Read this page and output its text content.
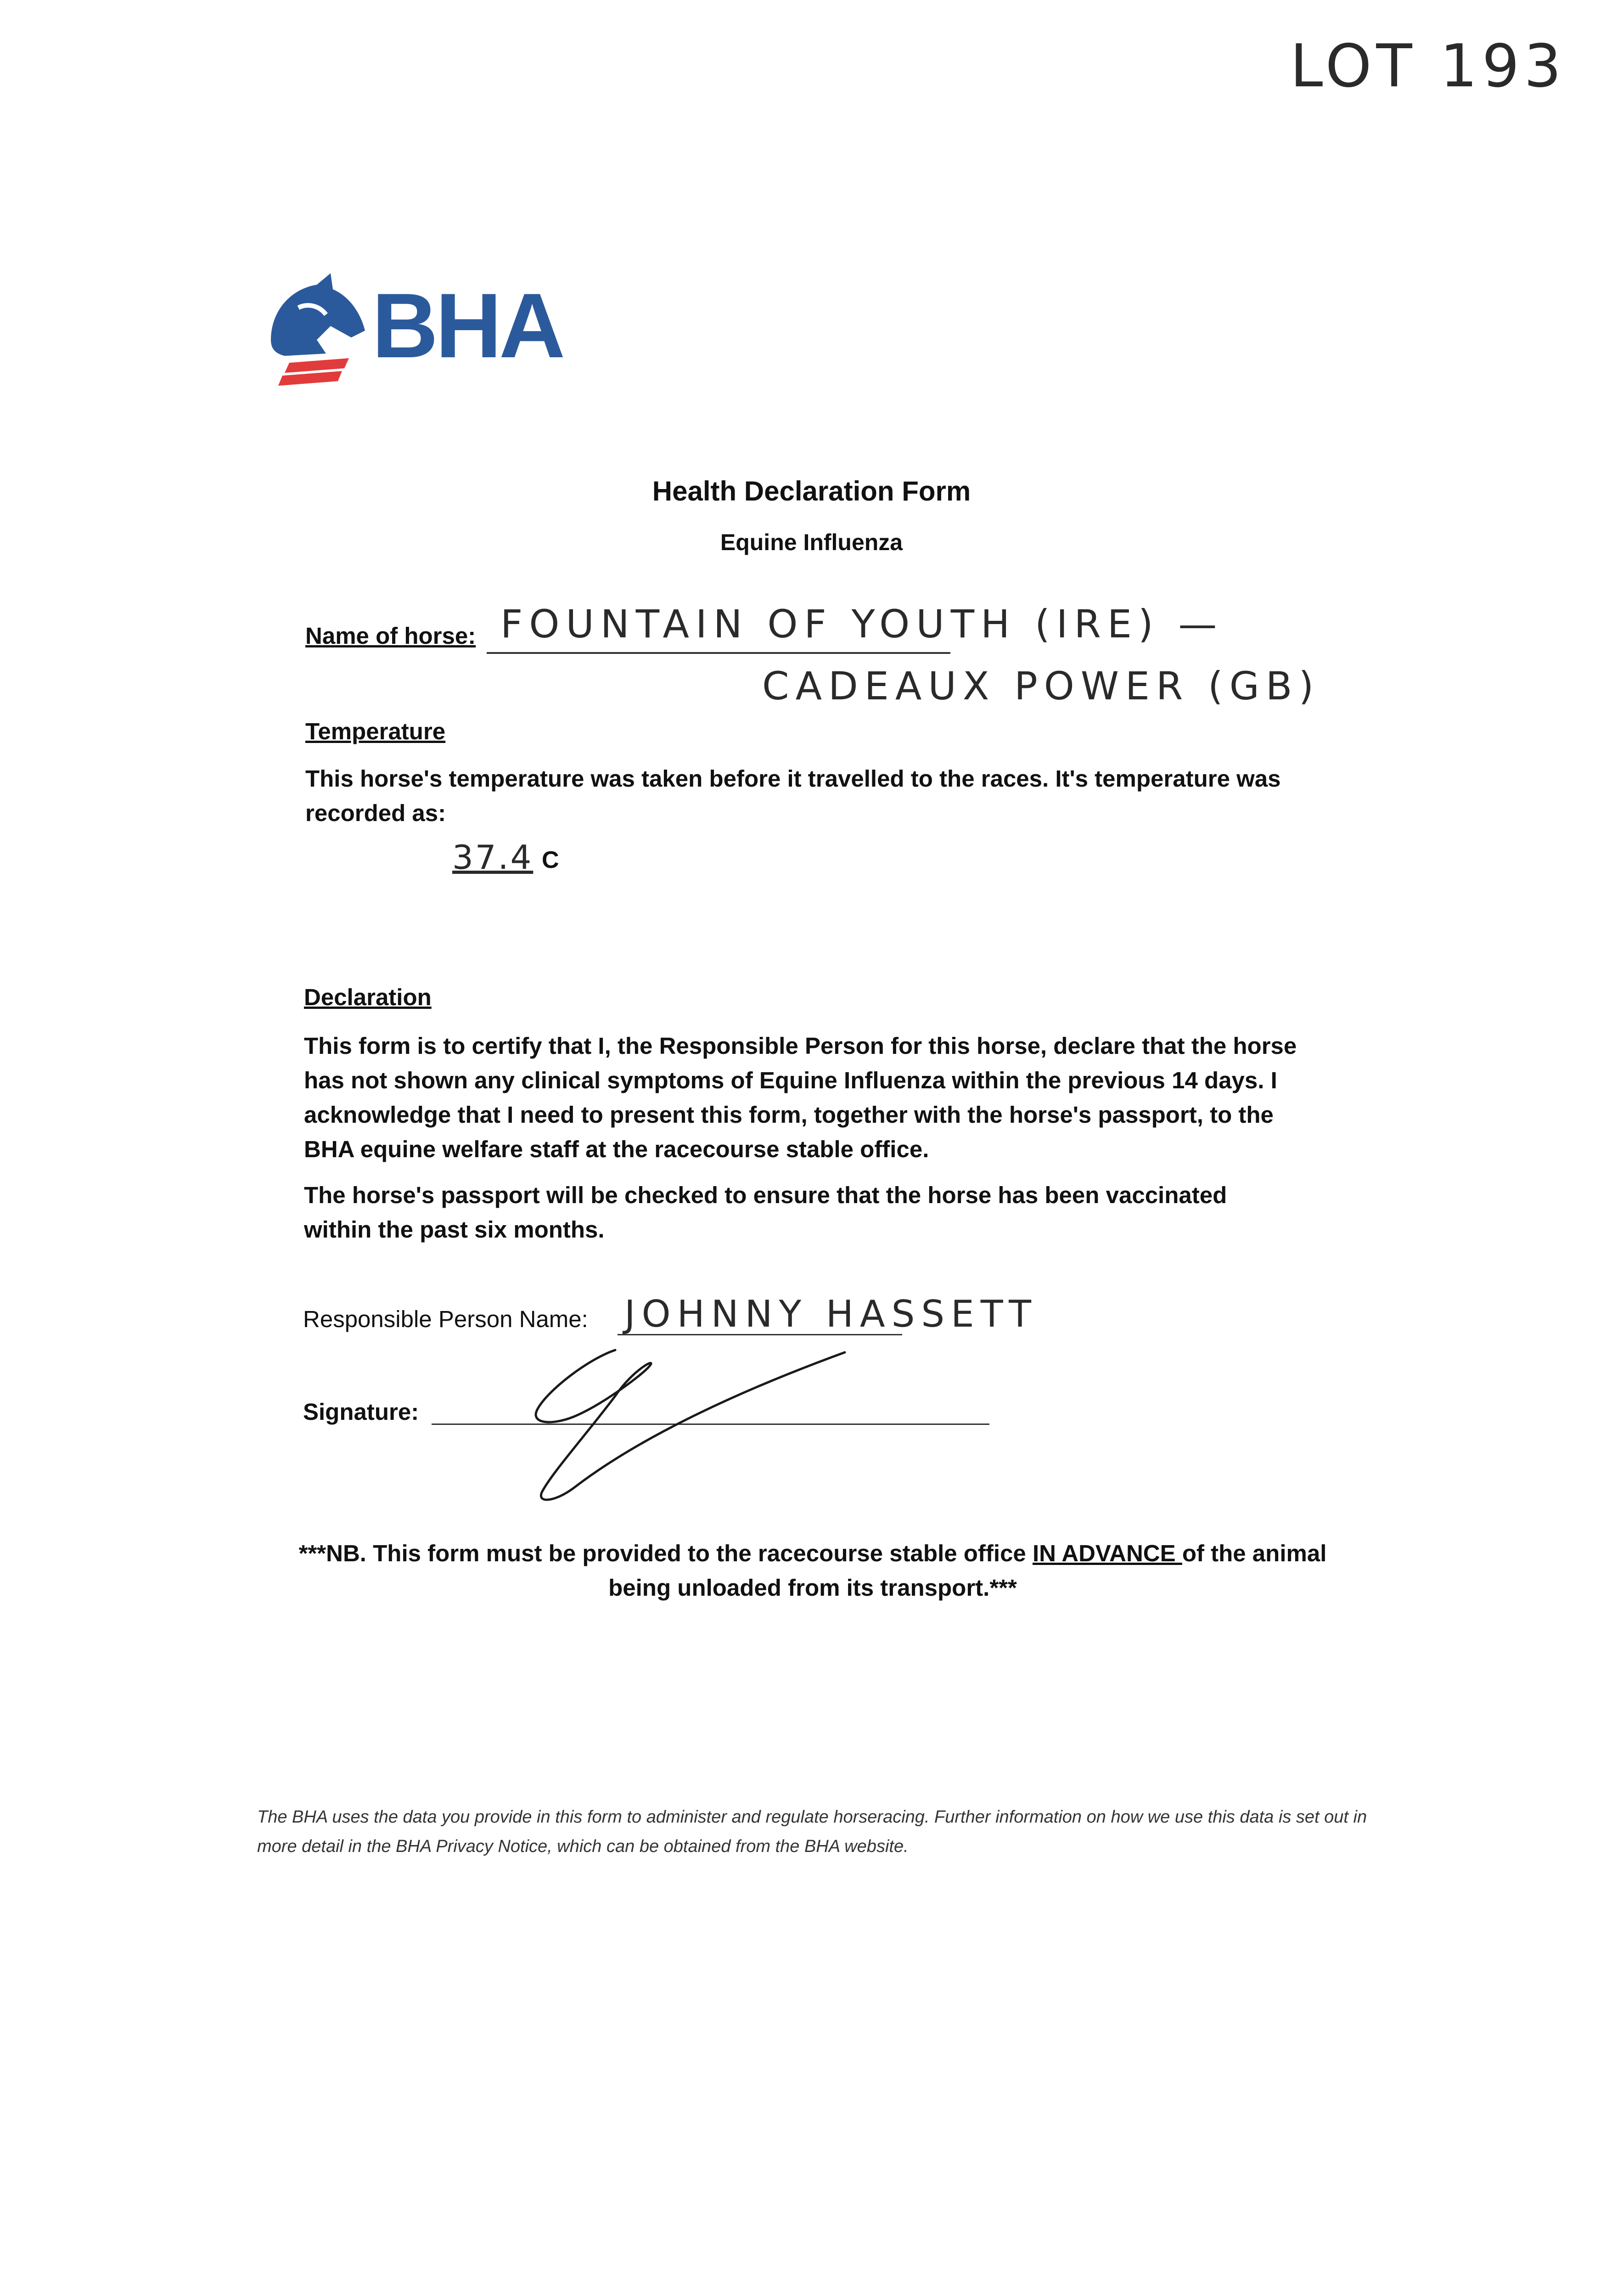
LOT 193
BHA
Health Declaration Form
Equine Influenza
Name of horse: FOUNTAIN OF YOUTH (IRE) —
CADEAUX POWER (GB)
Temperature
This horse's temperature was taken before it travelled to the races. It's temperature was recorded as:
37.4 C
Declaration
This form is to certify that I, the Responsible Person for this horse, declare that the horse has not shown any clinical symptoms of Equine Influenza within the previous 14 days. I acknowledge that I need to present this form, together with the horse's passport, to the BHA equine welfare staff at the racecourse stable office.
The horse's passport will be checked to ensure that the horse has been vaccinated within the past six months.
Responsible Person Name: JOHNNY HASSETT
Signature:
***NB. This form must be provided to the racecourse stable office IN ADVANCE of the animal being unloaded from its transport.***
The BHA uses the data you provide in this form to administer and regulate horseracing. Further information on how we use this data is set out in more detail in the BHA Privacy Notice, which can be obtained from the BHA website.
